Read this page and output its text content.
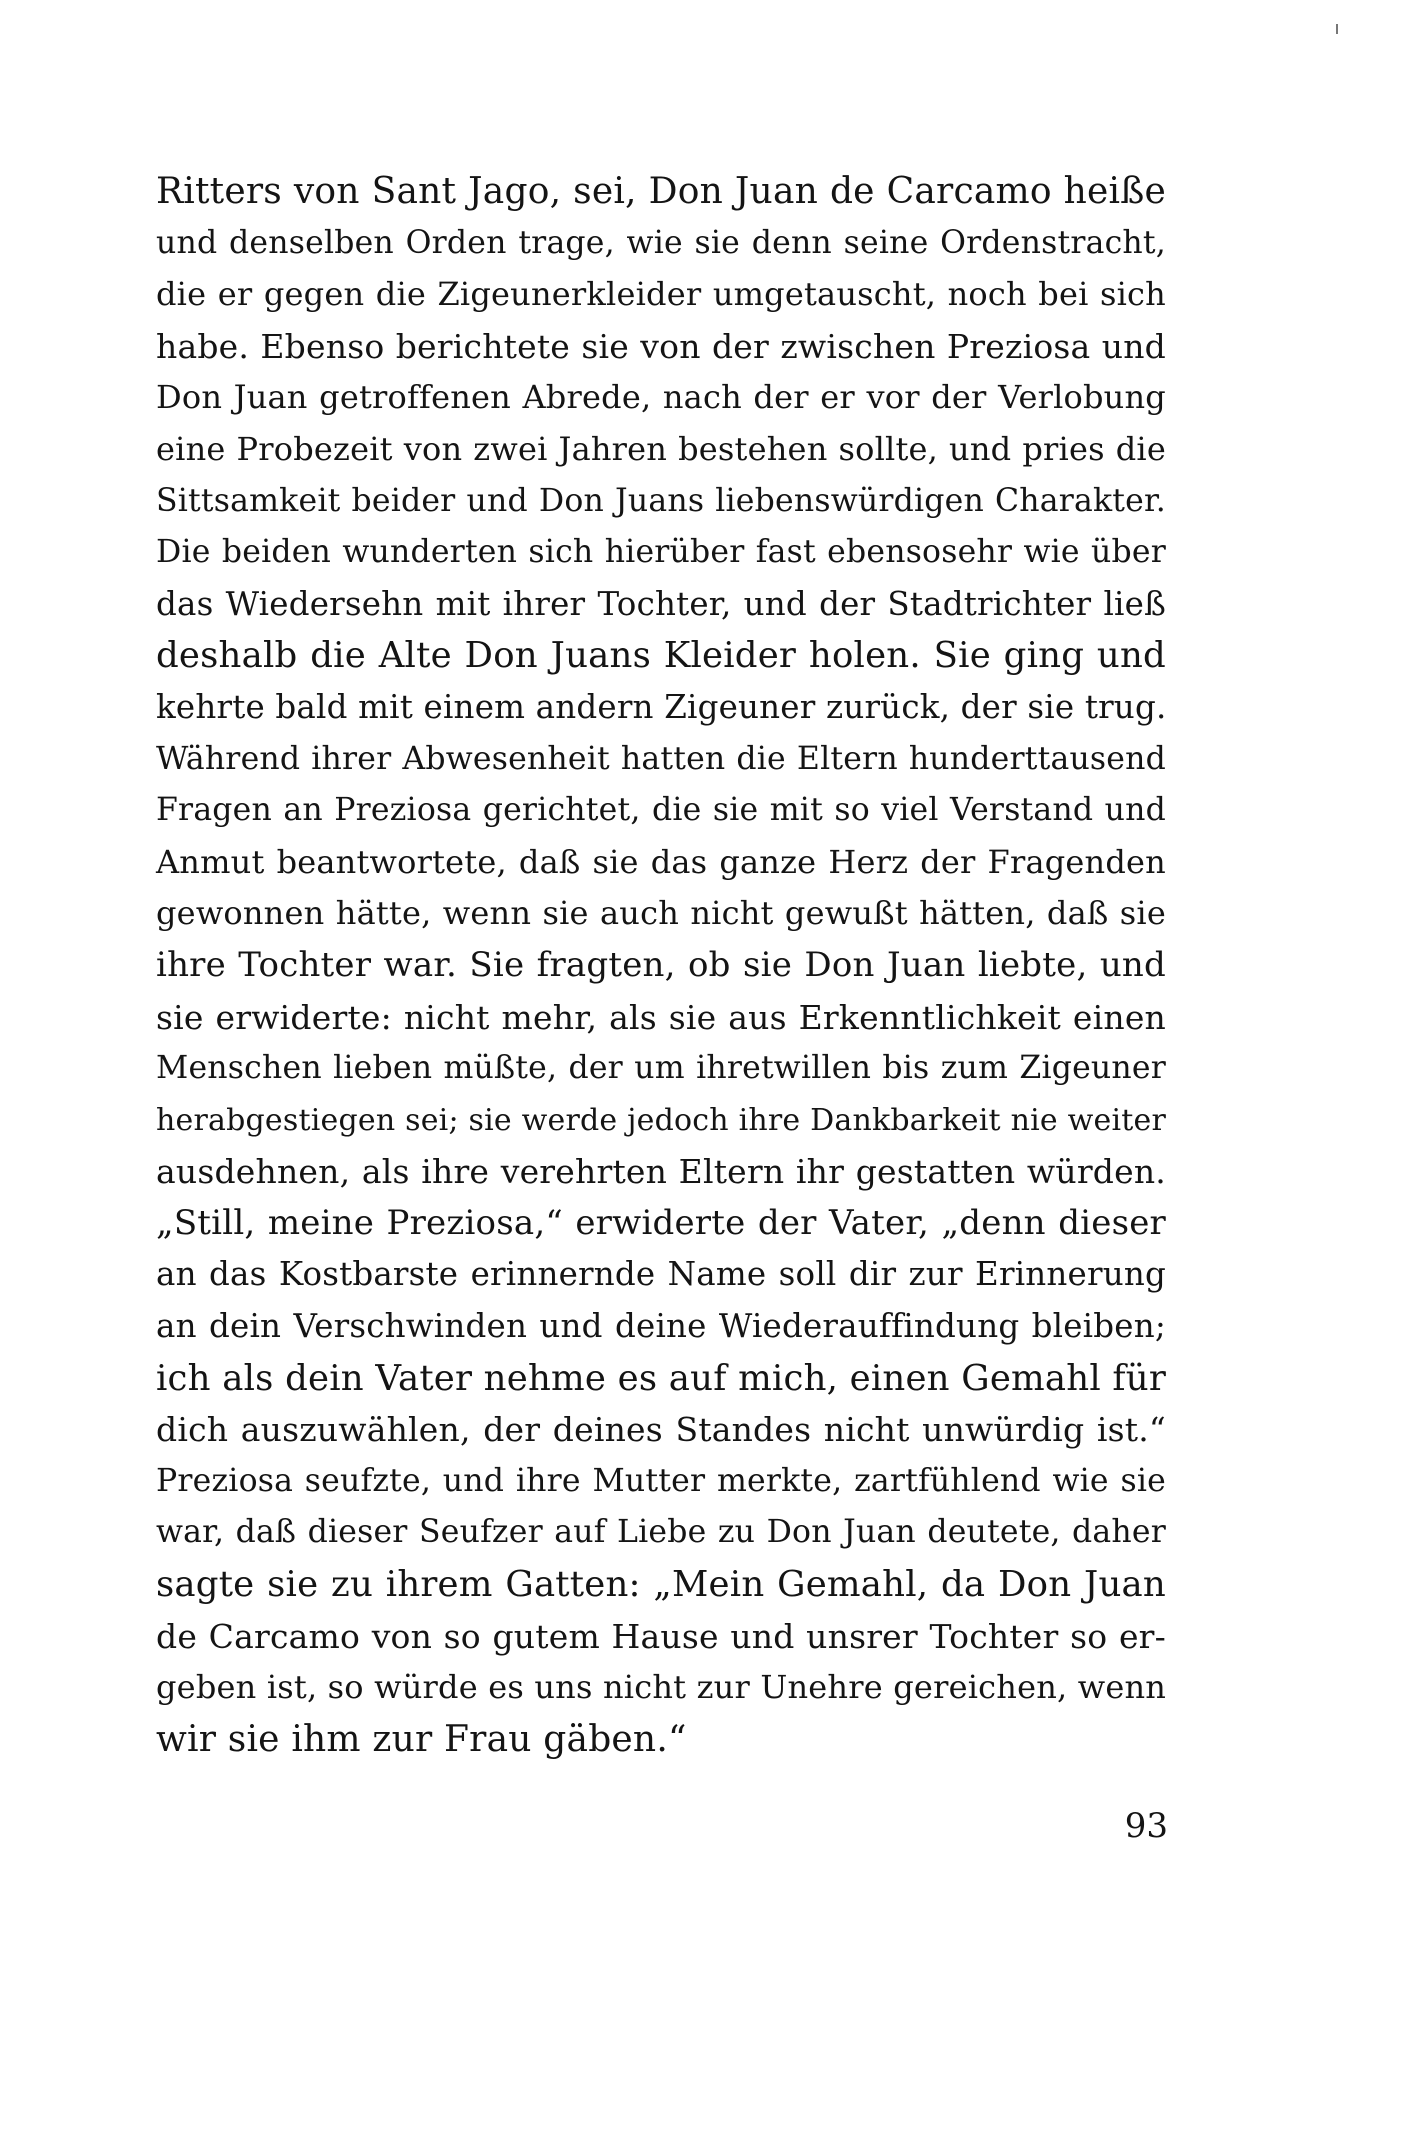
Ritters von Sant Jago, sei, Don Juan de Carcamo heiße
und denselben Orden trage, wie sie denn seine Ordenstracht,
die er gegen die Zigeunerkleider umgetauscht, noch bei sich
habe. Ebenso berichtete sie von der zwischen Preziosa und
Don Juan getroffenen Abrede, nach der er vor der Verlobung
eine Probezeit von zwei Jahren bestehen sollte, und pries die
Sittsamkeit beider und Don Juans liebenswürdigen Charakter.
Die beiden wunderten sich hierüber fast ebensosehr wie über
das Wiedersehn mit ihrer Tochter, und der Stadtrichter ließ
deshalb die Alte Don Juans Kleider holen. Sie ging und
kehrte bald mit einem andern Zigeuner zurück, der sie trug.
Während ihrer Abwesenheit hatten die Eltern hunderttausend
Fragen an Preziosa gerichtet, die sie mit so viel Verstand und
Anmut beantwortete, daß sie das ganze Herz der Fragenden
gewonnen hätte, wenn sie auch nicht gewußt hätten, daß sie
ihre Tochter war. Sie fragten, ob sie Don Juan liebte, und
sie erwiderte: nicht mehr, als sie aus Erkenntlichkeit einen
Menschen lieben müßte, der um ihretwillen bis zum Zigeuner
herabgestiegen sei; sie werde jedoch ihre Dankbarkeit nie weiter
ausdehnen, als ihre verehrten Eltern ihr gestatten würden.
„Still, meine Preziosa,“ erwiderte der Vater, „denn dieser
an das Kostbarste erinnernde Name soll dir zur Erinnerung
an dein Verschwinden und deine Wiederauffindung bleiben;
ich als dein Vater nehme es auf mich, einen Gemahl für
dich auszuwählen, der deines Standes nicht unwürdig ist.“
Preziosa seufzte, und ihre Mutter merkte, zartfühlend wie sie
war, daß dieser Seufzer auf Liebe zu Don Juan deutete, daher
sagte sie zu ihrem Gatten: „Mein Gemahl, da Don Juan
de Carcamo von so gutem Hause und unsrer Tochter so er-
geben ist, so würde es uns nicht zur Unehre gereichen, wenn
wir sie ihm zur Frau gäben.“
93
